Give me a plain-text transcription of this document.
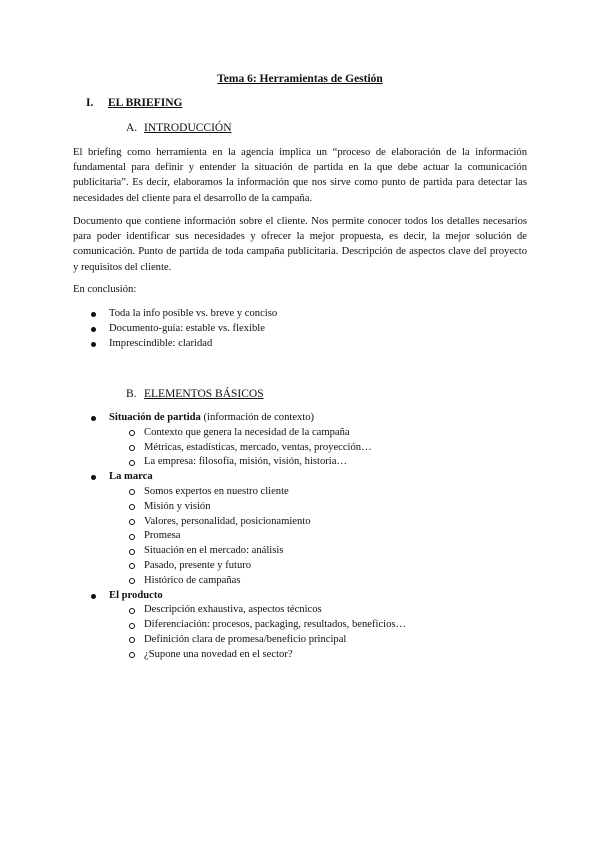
Tema 6: Herramientas de Gestión
I. EL BRIEFING
A. INTRODUCCIÓN

El briefing como herramienta en la agencia implica un “proceso de elaboración de la información fundamental para definir y entender la situación de partida en la que debe actuar la comunicación publicitaria”. Es decir, elaboramos la información que nos sirve como punto de partida para detectar las necesidades del cliente para el desarrollo de la campaña.

Documento que contiene información sobre el cliente. Nos permite conocer todos los detalles necesarios para poder identificar sus necesidades y ofrecer la mejor propuesta, es decir, la mejor solución de comunicación. Punto de partida de toda campaña publicitaria. Descripción de aspectos clave del proyecto y requisitos del cliente.

En conclusión:
Toda la info posible vs. breve y conciso
Documento-guía: estable vs. flexible
Imprescindible: claridad
B. ELEMENTOS BÁSICOS
Situación de partida (información de contexto)
Contexto que genera la necesidad de la campaña
Métricas, estadísticas, mercado, ventas, proyección…
La empresa: filosofía, misión, visión, historia…
La marca
Somos expertos en nuestro cliente
Misión y visión
Valores, personalidad, posicionamiento
Promesa
Situación en el mercado: análisis
Pasado, presente y futuro
Histórico de campañas
El producto
Descripción exhaustiva, aspectos técnicos
Diferenciación: procesos, packaging, resultados, beneficios…
Definición clara de promesa/beneficio principal
¿Supone una novedad en el sector?
